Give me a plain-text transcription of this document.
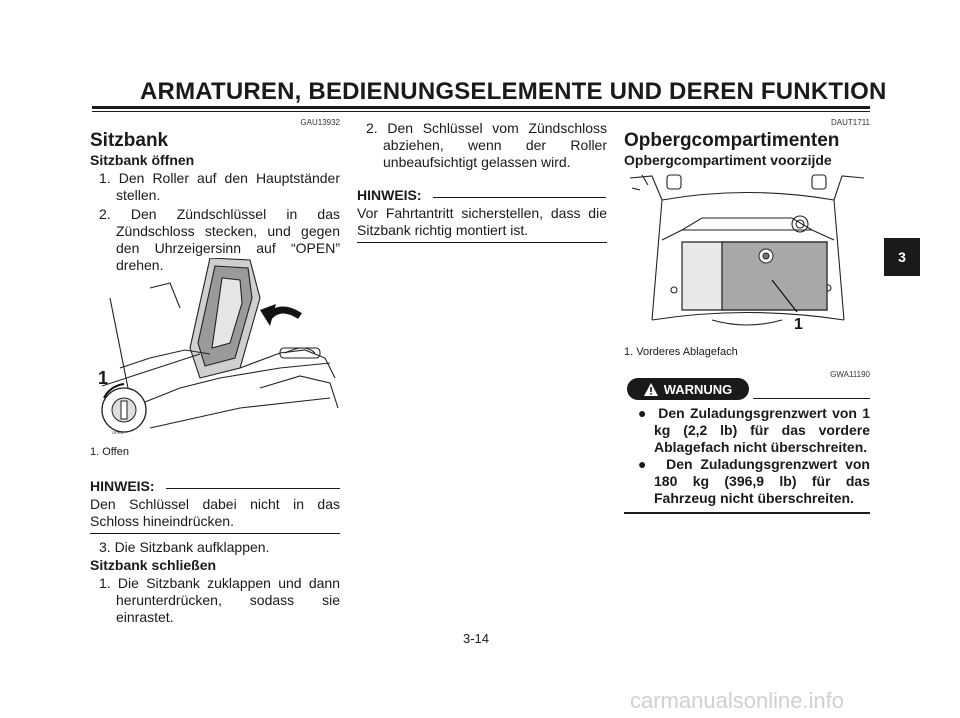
ARMATUREN, BEDIENUNGSELEMENTE UND DEREN FUNKTION
GAU13932
Sitzbank
Sitzbank öffnen
1. Den Roller auf den Hauptständer stellen.
2. Den Zündschlüssel in das Zündschloss stecken, und gegen den Uhrzeigersinn auf “OPEN” drehen.
1
OPEN
1. Offen
HINWEIS:
Den Schlüssel dabei nicht in das Schloss hineindrücken.
3. Die Sitzbank aufklappen.
Sitzbank schließen
1. Die Sitzbank zuklappen und dann herunterdrücken, sodass sie einrastet.
2. Den Schlüssel vom Zündschloss abziehen, wenn der Roller unbeaufsichtigt gelassen wird.
HINWEIS:
Vor Fahrtantritt sicherstellen, dass die Sitzbank richtig montiert ist.
DAUT1711
Opbergcompartimenten
Opbergcompartiment voorzijde
1
1. Vorderes Ablagefach
GWA11190
WARNUNG
●  Den Zuladungsgrenzwert von 1 kg (2,2 lb) für das vordere Ablagefach nicht überschreiten.
●  Den Zuladungsgrenzwert von 180 kg (396,9 lb) für das Fahrzeug nicht überschreiten.
3
3-14
carmanualsonline.info
